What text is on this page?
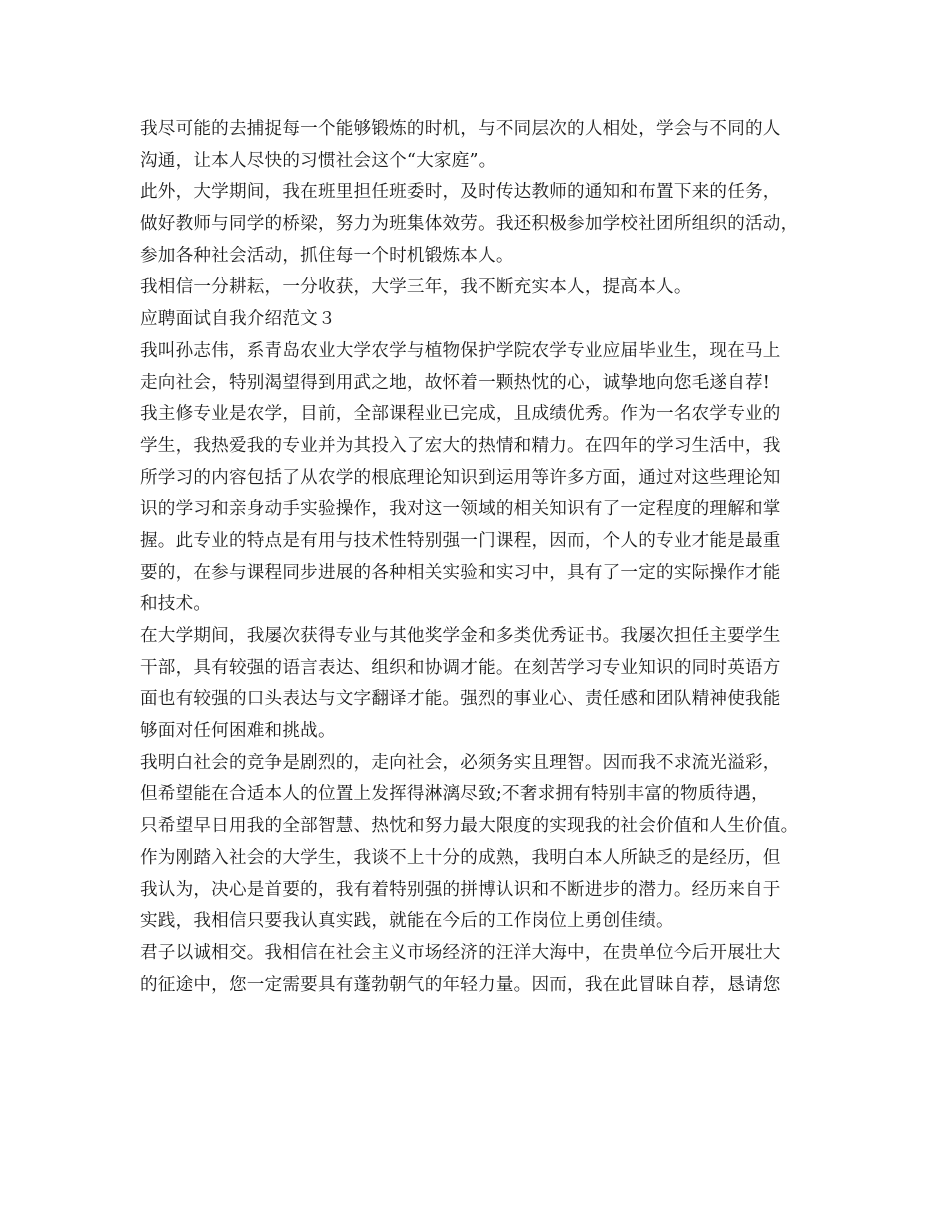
我尽可能的去捕捉每一个能够锻炼的时机，与不同层次的人相处，学会与不同的人
沟通，让本人尽快的习惯社会这个“大家庭”。
此外，大学期间，我在班里担任班委时，及时传达教师的通知和布置下来的任务，
做好教师与同学的桥梁，努力为班集体效劳。我还积极参加学校社团所组织的活动，
参加各种社会活动，抓住每一个时机锻炼本人。
我相信一分耕耘，一分收获，大学三年，我不断充实本人，提高本人。
应聘面试自我介绍范文３
我叫孙志伟，系青岛农业大学农学与植物保护学院农学专业应届毕业生，现在马上
走向社会，特别渴望得到用武之地，故怀着一颗热忱的心，诚挚地向您毛遂自荐!
我主修专业是农学，目前，全部课程业已完成，且成绩优秀。作为一名农学专业的
学生，我热爱我的专业并为其投入了宏大的热情和精力。在四年的学习生活中，我
所学习的内容包括了从农学的根底理论知识到运用等许多方面，通过对这些理论知
识的学习和亲身动手实验操作，我对这一领域的相关知识有了一定程度的理解和掌
握。此专业的特点是有用与技术性特别强一门课程，因而，个人的专业才能是最重
要的，在参与课程同步进展的各种相关实验和实习中，具有了一定的实际操作才能
和技术。
在大学期间，我屡次获得专业与其他奖学金和多类优秀证书。我屡次担任主要学生
干部，具有较强的语言表达、组织和协调才能。在刻苦学习专业知识的同时英语方
面也有较强的口头表达与文字翻译才能。强烈的事业心、责任感和团队精神使我能
够面对任何困难和挑战。
我明白社会的竞争是剧烈的，走向社会，必须务实且理智。因而我不求流光溢彩，
但希望能在合适本人的位置上发挥得淋漓尽致;不奢求拥有特别丰富的物质待遇，
只希望早日用我的全部智慧、热忱和努力最大限度的实现我的社会价值和人生价值。
作为刚踏入社会的大学生，我谈不上十分的成熟，我明白本人所缺乏的是经历，但
我认为，决心是首要的，我有着特别强的拼博认识和不断进步的潜力。经历来自于
实践，我相信只要我认真实践，就能在今后的工作岗位上勇创佳绩。
君子以诚相交。我相信在社会主义市场经济的汪洋大海中，在贵单位今后开展壮大
的征途中，您一定需要具有蓬勃朝气的年轻力量。因而，我在此冒昧自荐，恳请您
